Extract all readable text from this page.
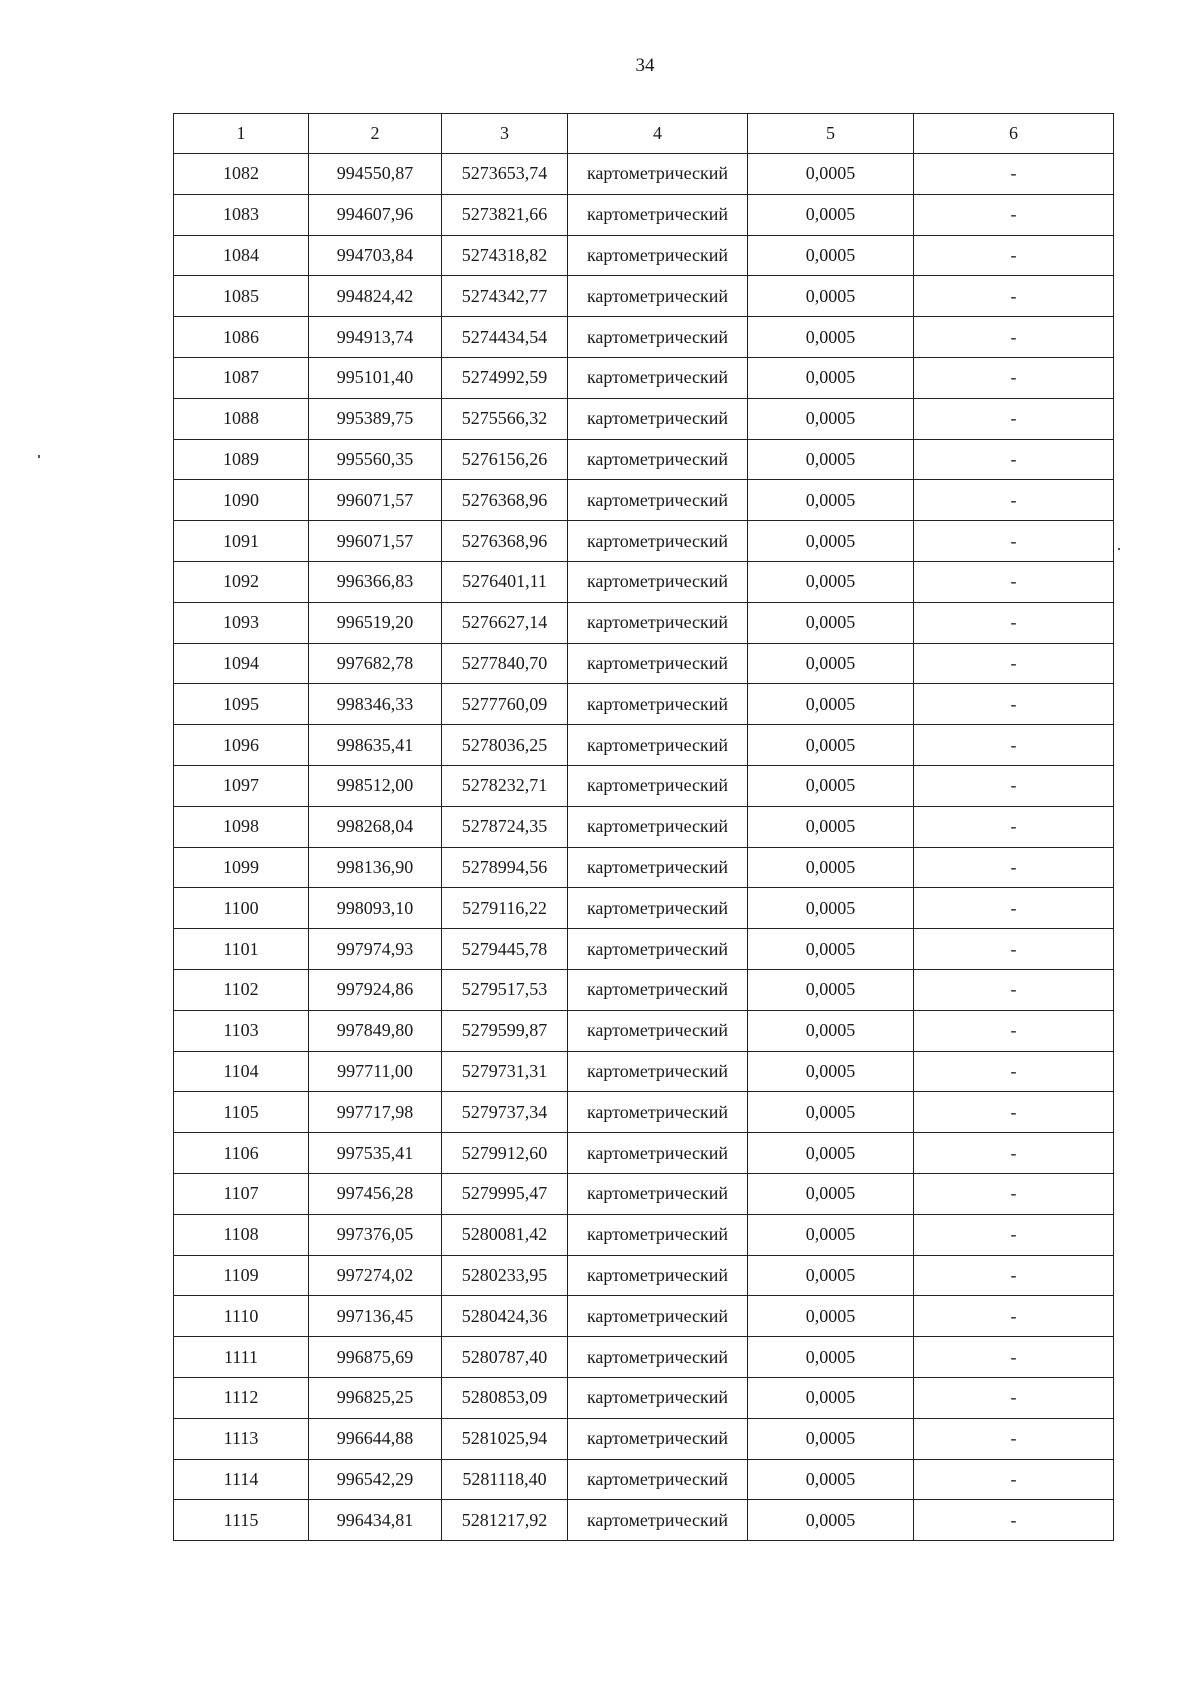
34
1	2	3	4	5	6
1082	994550,87	5273653,74	картометрический	0,0005	-
1083	994607,96	5273821,66	картометрический	0,0005	-
1084	994703,84	5274318,82	картометрический	0,0005	-
1085	994824,42	5274342,77	картометрический	0,0005	-
1086	994913,74	5274434,54	картометрический	0,0005	-
1087	995101,40	5274992,59	картометрический	0,0005	-
1088	995389,75	5275566,32	картометрический	0,0005	-
1089	995560,35	5276156,26	картометрический	0,0005	-
1090	996071,57	5276368,96	картометрический	0,0005	-
1091	996071,57	5276368,96	картометрический	0,0005	-
1092	996366,83	5276401,11	картометрический	0,0005	-
1093	996519,20	5276627,14	картометрический	0,0005	-
1094	997682,78	5277840,70	картометрический	0,0005	-
1095	998346,33	5277760,09	картометрический	0,0005	-
1096	998635,41	5278036,25	картометрический	0,0005	-
1097	998512,00	5278232,71	картометрический	0,0005	-
1098	998268,04	5278724,35	картометрический	0,0005	-
1099	998136,90	5278994,56	картометрический	0,0005	-
1100	998093,10	5279116,22	картометрический	0,0005	-
1101	997974,93	5279445,78	картометрический	0,0005	-
1102	997924,86	5279517,53	картометрический	0,0005	-
1103	997849,80	5279599,87	картометрический	0,0005	-
1104	997711,00	5279731,31	картометрический	0,0005	-
1105	997717,98	5279737,34	картометрический	0,0005	-
1106	997535,41	5279912,60	картометрический	0,0005	-
1107	997456,28	5279995,47	картометрический	0,0005	-
1108	997376,05	5280081,42	картометрический	0,0005	-
1109	997274,02	5280233,95	картометрический	0,0005	-
1110	997136,45	5280424,36	картометрический	0,0005	-
1111	996875,69	5280787,40	картометрический	0,0005	-
1112	996825,25	5280853,09	картометрический	0,0005	-
1113	996644,88	5281025,94	картометрический	0,0005	-
1114	996542,29	5281118,40	картометрический	0,0005	-
1115	996434,81	5281217,92	картометрический	0,0005	-
